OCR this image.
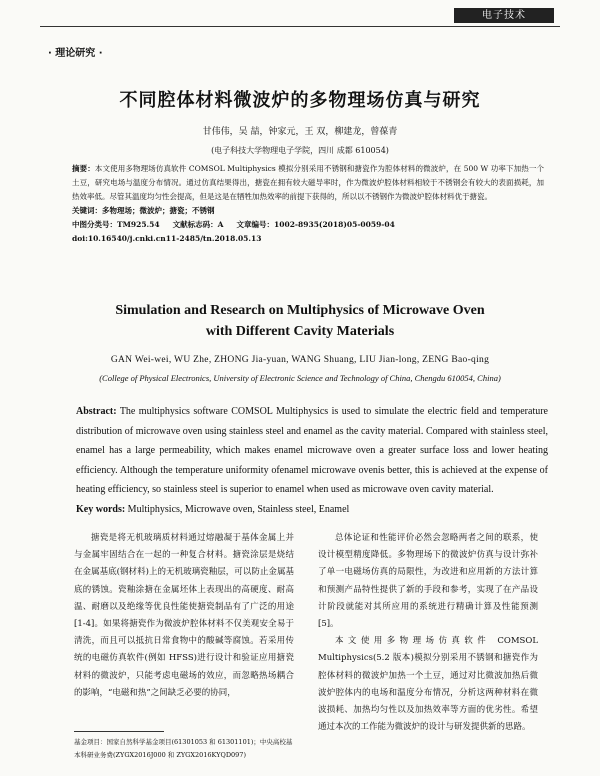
电子技术
· 理论研究 ·
不同腔体材料微波炉的多物理场仿真与研究
甘伟伟，吴 喆，钟家元，王 双，柳建龙，曾葆青
(电子科技大学物理电子学院，四川 成都 610054)
摘要：本文使用多物理场仿真软件 COMSOL Multiphysics 模拟分别采用不锈钢和搪瓷作为腔体材料的微波炉，在 500 W 功率下加热一个土豆，研究电场与温度分布情况。通过仿真结果得出，搪瓷在拥有较大磁导率时，作为微波炉腔体材料相较于不锈钢会有较大的表面损耗，加热效率低。尽管其温度均匀性会提高，但是这是在牺牲加热效率的前提下获得的，所以以不锈钢作为微波炉腔体材料优于搪瓷。
关键词：多物理场；微波炉；搪瓷；不锈钢
中图分类号：TM925.54 文献标志码：A 文章编号：1002-8935(2018)05-0059-04
doi:10.16540/j.cnki.cn11-2485/tn.2018.05.13
Simulation and Research on Multiphysics of Microwave Oven
with Different Cavity Materials
GAN Wei-wei, WU Zhe, ZHONG Jia-yuan, WANG Shuang, LIU Jian-long, ZENG Bao-qing
(College of Physical Electronics, University of Electronic Science and Technology of China, Chengdu 610054, China)
Abstract: The multiphysics software COMSOL Multiphysics is used to simulate the electric field and temperature distribution of microwave oven using stainless steel and enamel as the cavity material. Compared with stainless steel, enamel has a large permeability, which makes enamel microwave oven a greater surface loss and lower heating efficiency. Although the temperature uniformity ofenamel microwave ovenis better, this is achieved at the expense of heating efficiency, so stainless steel is superior to enamel when used as microwave oven cavity material.
Key words: Multiphysics, Microwave oven, Stainless steel, Enamel

搪瓷是将无机玻璃质材料通过熔融凝于基体金属上并与金属牢固结合在一起的一种复合材料。搪瓷涂层是烧结在金属基底(钢材料)上的无机玻璃瓷釉层，可以防止金属基底的锈蚀。瓷釉涂搪在金属坯体上表现出的高硬度、耐高温、耐磨以及绝缘等优良性能使搪瓷制品有了广泛的用途[1-4]。如果将搪瓷作为微波炉腔体材料不仅美观安全易于清洗，而且可以抵抗日常食物中的酸碱等腐蚀。若采用传统的电磁仿真软件(例如 HFSS)进行设计和验证应用搪瓷材料的微波炉，只能考虑电磁场的效应，而忽略热场耦合的影响，“电磁和热”之间缺乏必要的协同，

总体论证和性能评价必然会忽略两者之间的联系，使设计模型精度降低。多物理场下的微波炉仿真与设计弥补了单一电磁场仿真的局限性，为改进和应用新的方法计算和预测产品特性提供了新的手段和参考，实现了在产品设计阶段就能对其所应用的系统进行精确计算及性能预测[5]。

本文使用多物理场仿真软件 COMSOL Multiphysics(5.2 版本)模拟分别采用不锈钢和搪瓷作为腔体材料的微波炉加热一个土豆，通过对比微波加热后微波炉腔体内的电场和温度分布情况，分析这两种材料在微波损耗、加热均匀性以及加热效率等方面的优劣性。希望通过本次的工作能为微波炉的设计与研发提供新的思路。

基金项目：国家自然科学基金项目(61301053 和 61301101)；中央高校基本科研业务费(ZYGX2016J000 和 ZYGX2016KYQD097)
